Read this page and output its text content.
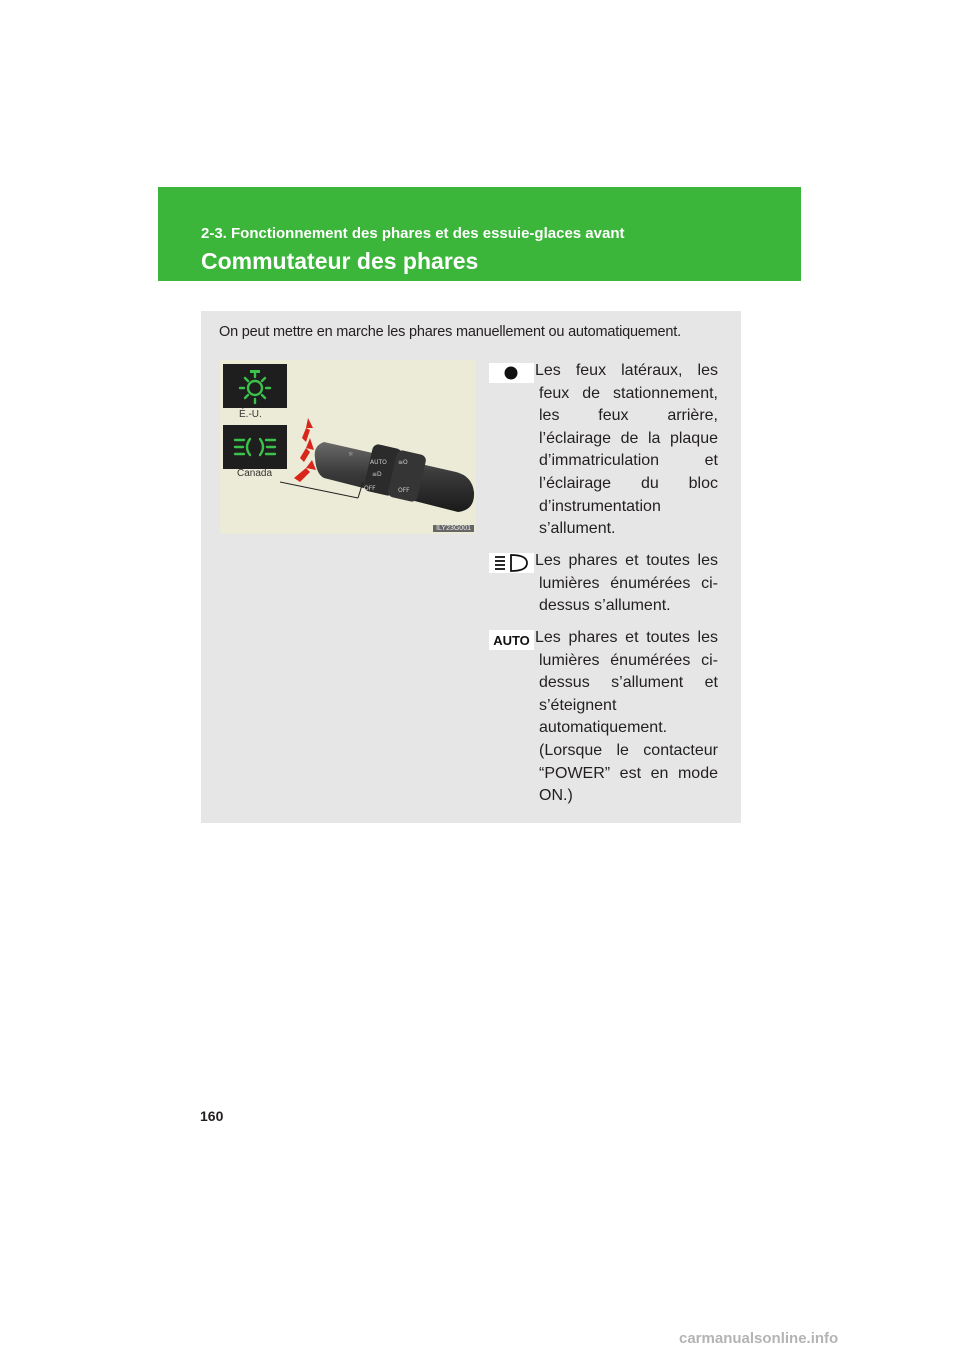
2-3. Fonctionnement des phares et des essuie-glaces avant
Commutateur des phares
On peut mettre en marche les phares manuellement ou automatiquement.
É.-U.
Canada
☼
AUTO
≡D
OFF
≡O
OFF
ILY23G001
Les feux latéraux, les feux de stationnement, les feux arrière, l’éclairage de la plaque d’immatriculation et l’éclairage du bloc d’instrumentation s’allument.
Les phares et toutes les lumières énumérées ci-dessus s’allument.
AUTO Les phares et toutes les lumières énumérées ci-dessus s’allument et s’éteignent automatiquement. (Lorsque le contacteur “POWER” est en mode ON.)
160
carmanualsonline.info
